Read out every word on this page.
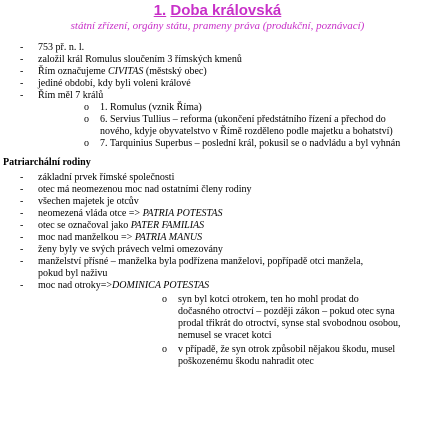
1. Doba královská
státní zřízení, orgány státu, prameny práva (produkční, poznávací)
- 753 př. n. l.
- založil král Romulus sloučením 3 římských kmenů
- Řím označujeme CIVITAS (městský obec)
- jediné období, kdy byli voleni králové
- Řím měl 7 králů
o 1. Romulus (vznik Říma)
o 6. Servius Tullius – reforma (ukončení předstátního řízení a přechod do
nového, kdyje obyvatelstvo v Římě rozděleno podle majetku a bohatství)
o 7. Tarquinius Superbus – poslední král, pokusil se o nadvládu a byl vyhnán
Patriarchální rodiny
- základní prvek římské společnosti
- otec má neomezenou moc nad ostatními členy rodiny
- všechen majetek je otcův
- neomezená vláda otce => PATRIA POTESTAS
- otec se označoval jako PATER FAMILIAS
- moc nad manželkou => PATRIA MANUS
- ženy byly ve svých právech velmi omezovány
- manželství přísné – manželka byla podřízena manželovi, popřípadě otci manžela,
pokud byl naživu
- moc nad otroky=>DOMINICA POTESTAS
o syn byl kotci otrokem, ten ho mohl prodat do
dočasného otroctví – později zákon – pokud otec syna
prodal třikrát do otroctví, synse stal svobodnou osobou,
nemusel se vracet kotci
o v případě, že syn otrok způsobil nějakou škodu, musel
poškozenému škodu nahradit otec
